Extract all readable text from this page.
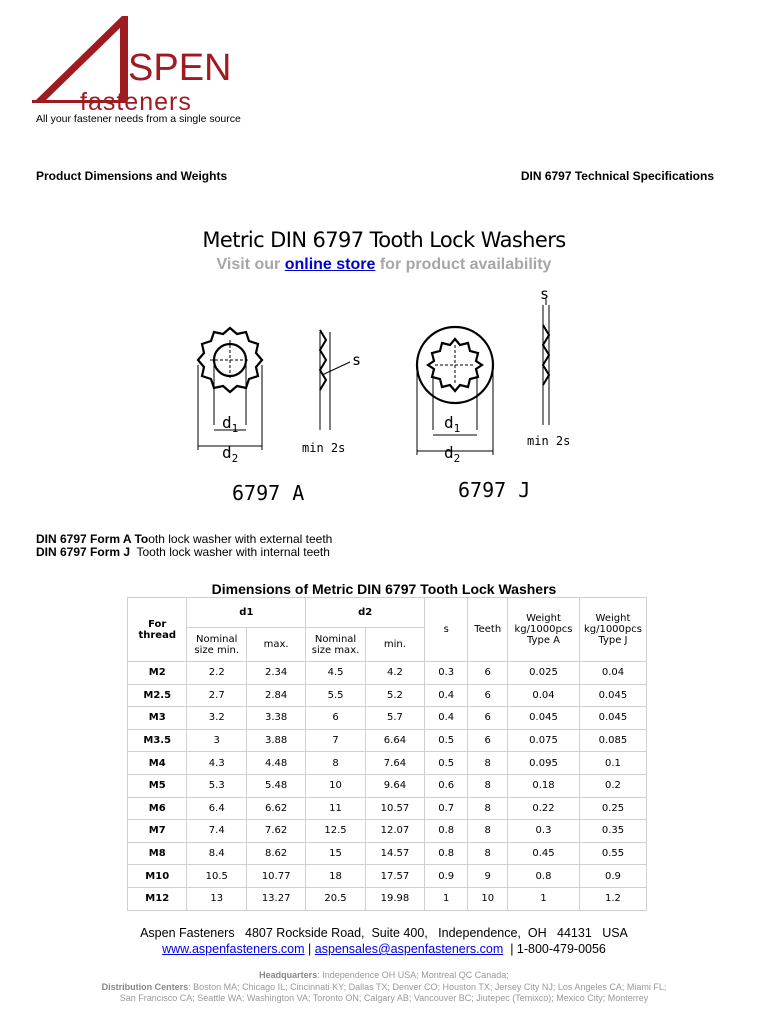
SPEN
fasteners
All your fastener needs from a single source
Product Dimensions and Weights	DIN 6797 Technical Specifications
Metric DIN 6797 Tooth Lock Washers
Visit our online store for product availability
$d_1$
$d_2$
s
min 2s
6797 A
s
$d_1$
$d_2$
min 2s
6797 J
DIN 6797 Form A Tooth lock washer with external teeth
DIN 6797 Form J  Tooth lock washer with internal teeth
Dimensions of Metric DIN 6797 Tooth Lock Washers
For thread	d1		d2		s	Teeth	Weight kg/1000pcs Type A	Weight kg/1000pcs Type J
	Nominal size min.	max.	Nominal size max.	min.				
M2	2.2	2.34	4.5	4.2	0.3	6	0.025	0.04
M2.5	2.7	2.84	5.5	5.2	0.4	6	0.04	0.045
M3	3.2	3.38	6	5.7	0.4	6	0.045	0.045
M3.5	3	3.88	7	6.64	0.5	6	0.075	0.085
M4	4.3	4.48	8	7.64	0.5	8	0.095	0.1
M5	5.3	5.48	10	9.64	0.6	8	0.18	0.2
M6	6.4	6.62	11	10.57	0.7	8	0.22	0.25
M7	7.4	7.62	12.5	12.07	0.8	8	0.3	0.35
M8	8.4	8.62	15	14.57	0.8	8	0.45	0.55
M10	10.5	10.77	18	17.57	0.9	9	0.8	0.9
M12	13	13.27	20.5	19.98	1	10	1	1.2
Aspen Fasteners   4807 Rockside Road,  Suite 400,   Independence,  OH   44131   USA
www.aspenfasteners.com | aspensales@aspenfasteners.com  | 1-800-479-0056
Headquarters: Independence OH USA; Montreal QC Canada;
Distribution Centers: Boston MA; Chicago IL; Cincinnati KY; Dallas TX; Denver CO; Houston TX; Jersey City NJ; Los Angeles CA; Miami FL;
San Francisco CA; Seattle WA; Washington VA; Toronto ON; Calgary AB; Vancouver BC; Jiutepec (Temixco); Mexico City; Monterrey
